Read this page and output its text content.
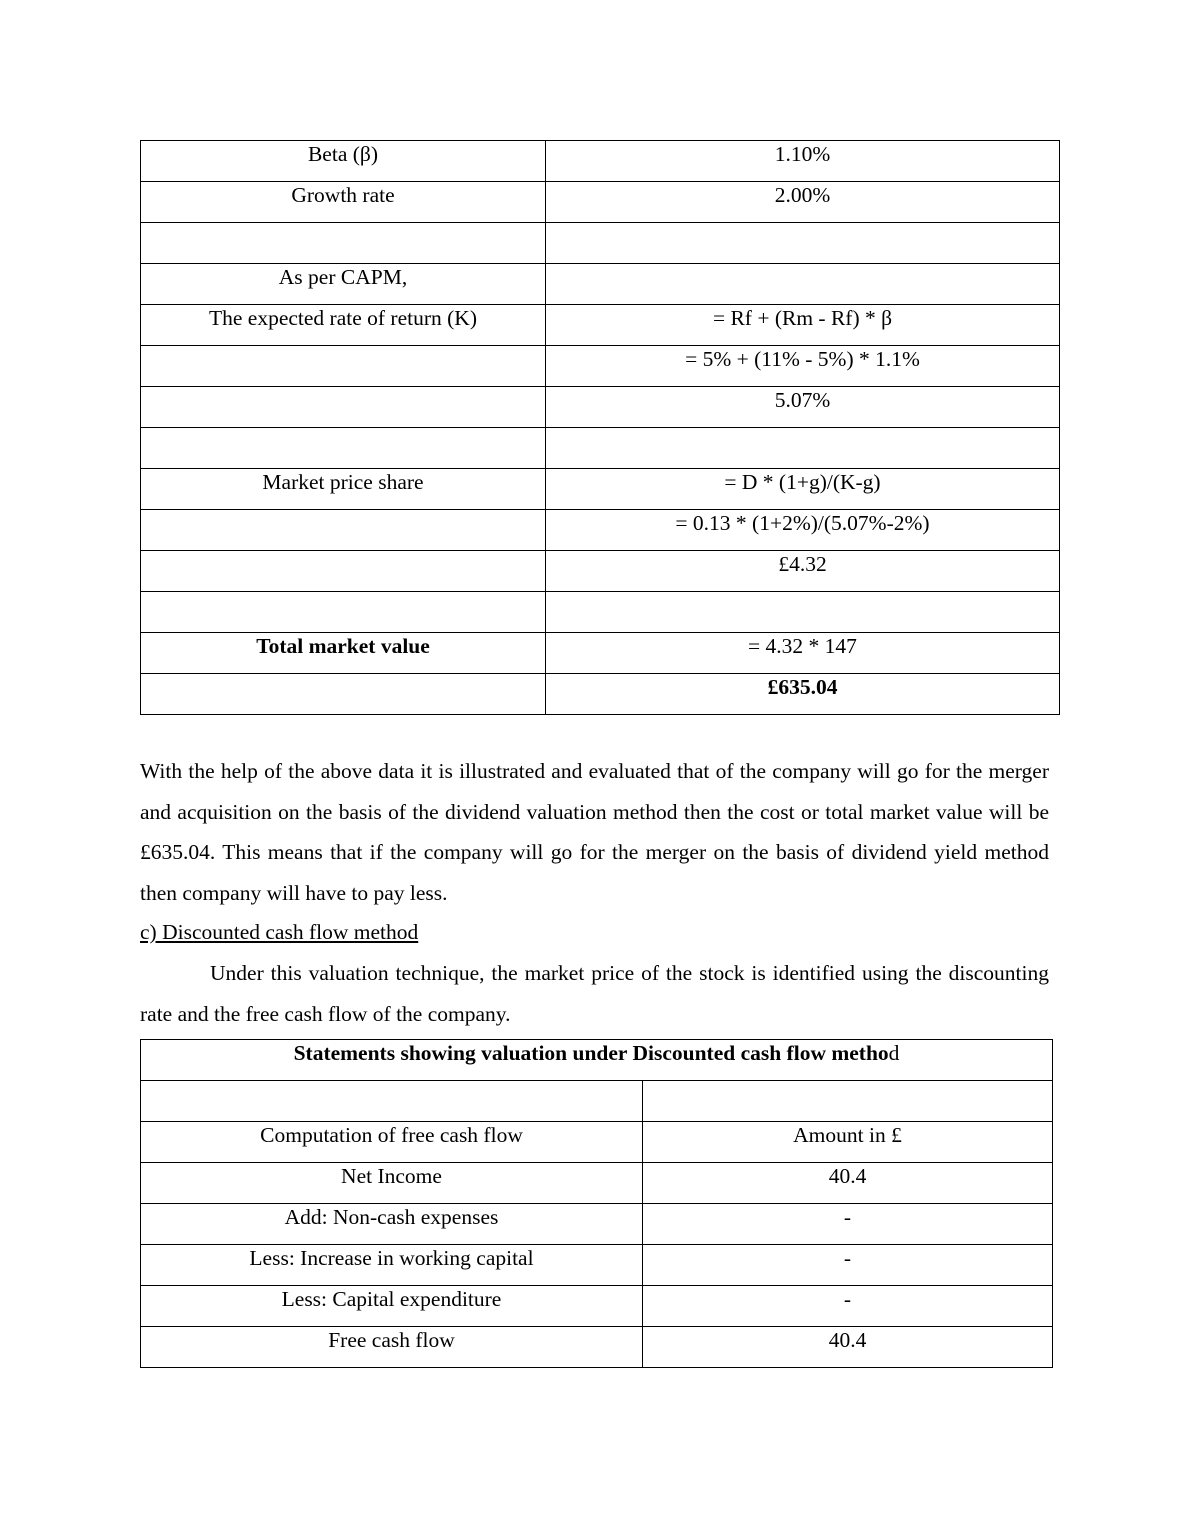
Beta (β)	1.10%
Growth rate	2.00%

As per CAPM,	
The expected rate of return (K)	= Rf + (Rm - Rf) * β
	= 5% + (11% - 5%) * 1.1%
	5.07%

Market price share	= D * (1+g)/(K-g)
	= 0.13 * (1+2%)/(5.07%-2%)
	£4.32

Total market value	= 4.32 * 147
	£635.04

With the help of the above data it is illustrated and evaluated that of the company will go for the merger and acquisition on the basis of the dividend valuation method then the cost or total market value will be £635.04. This means that if the company will go for the merger on the basis of dividend yield method then company will have to pay less.

c) Discounted cash flow method

Under this valuation technique, the market price of the stock is identified using the discounting rate and the free cash flow of the company.

Statements showing valuation under Discounted cash flow method	

Computation of free cash flow	Amount in £
Net Income	40.4
Add: Non-cash expenses	-
Less: Increase in working capital	-
Less: Capital expenditure	-
Free cash flow	40.4
